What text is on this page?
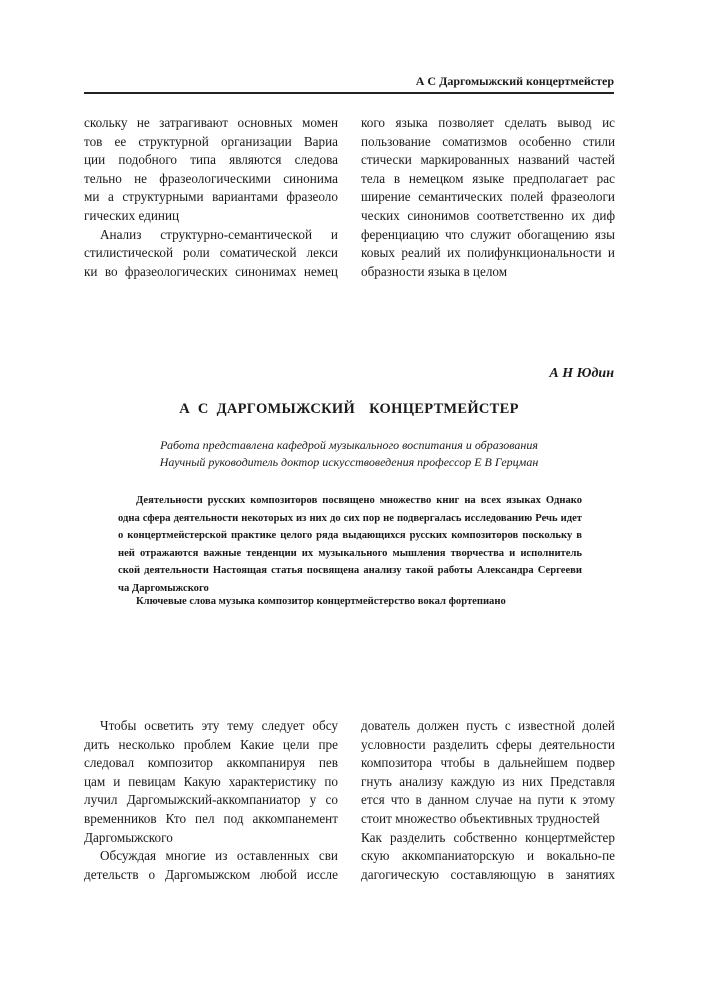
А С Даргомыжский концертмейстер
скольку не затрагивают основных момен
тов ее структурной организации Вариа
ции подобного типа являются следова
тельно не фразеологическими синонима
ми а структурными вариантами фразеоло
гических единиц
Анализ структурно-семантической и
стилистической роли соматической лекси
ки во фразеологических синонимах немец
кого языка позволяет сделать вывод ис
пользование соматизмов особенно стили
стически маркированных названий частей
тела в немецком языке предполагает рас
ширение семантических полей фразеологи
ческих синонимов соответственно их диф
ференциацию что служит обогащению язы
ковых реалий их полифункциональности и
образности языка в целом
А Н Юдин
А С ДАРГОМЫЖСКИЙ КОНЦЕРТМЕЙСТЕР
Работа представлена кафедрой музыкального воспитания и образования
Научный руководитель доктор искусствоведения профессор Е В Герцман
Деятельности русских композиторов посвящено множество книг на всех языках Однако
одна сфера деятельности некоторых из них до сих пор не подвергалась исследованию Речь идет
о концертмейстерской практике целого ряда выдающихся русских композиторов поскольку в
ней отражаются важные тенденции их музыкального мышления творчества и исполнитель
ской деятельности Настоящая статья посвящена анализу такой работы Александра Сергееви
ча Даргомыжского
Ключевые слова музыка композитор концертмейстерство вокал фортепиано
Чтобы осветить эту тему следует обсу
дить несколько проблем Какие цели пре
следовал композитор аккомпанируя пев
цам и певицам Какую характеристику по
лучил Даргомыжский-аккомпаниатор у со
временников Кто пел под аккомпанемент
Даргомыжского
Обсуждая многие из оставленных сви
детельств о Даргомыжском любой иссле
дователь должен пусть с известной долей
условности разделить сферы деятельности
композитора чтобы в дальнейшем подвер
гнуть анализу каждую из них Представля
ется что в данном случае на пути к этому
стоит множество объективных трудностей
Как разделить собственно концертмейстер
скую аккомпаниаторскую и вокально-пе
дагогическую составляющую в занятиях
